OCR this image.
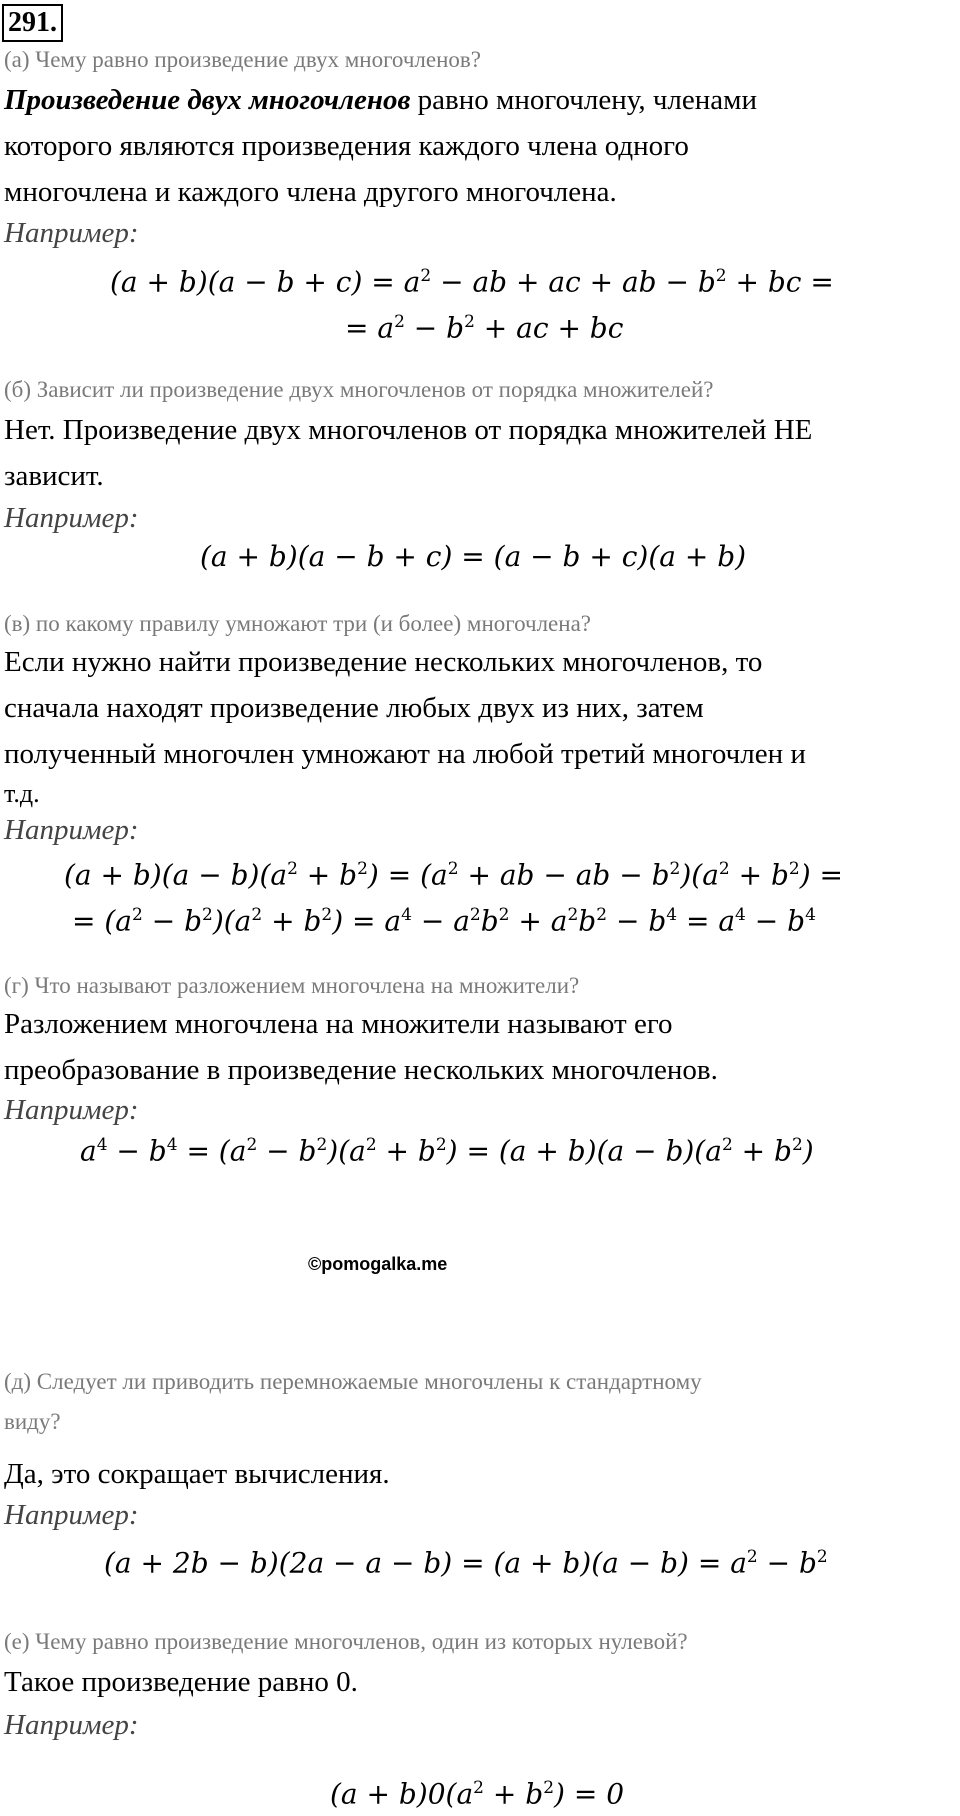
291.
(а) Чему равно произведение двух многочленов?
Произведение двух многочленов равно многочлену, членами
которого являются произведения каждого члена одного
многочлена и каждого члена другого многочлена.
Например:
$(a + b)(a - b + c) = a^2$ − ab + ac + ab − $b^2$ + bc =
= $a^2 - b^2$ + ac + bc
(б) Зависит ли произведение двух многочленов от порядка множителей?
Нет. Произведение двух многочленов от порядка множителей НЕ
зависит.
Например:
(a + b)(a − b + c) = (a − b + c)(a + b)
(в) по какому правилу умножают три (и более) многочлена?
Если нужно найти произведение нескольких многочленов, то
сначала находят произведение любых двух из них, затем
полученный многочлен умножают на любой третий многочлен и
т.д.
Например:
$(a + b)(a - b)(a^2 + b^2) = (a^2$ + ab − ab − $b^2)(a^2 + b^2)$ =
= $(a^2 - b^2)(a^2 + b^2) = a^4 - a^2b^2 + a^2b^2 - b^4 = a^4 - b^4$
(г) Что называют разложением многочлена на множители?
Разложением многочлена на множители называют его
преобразование в произведение нескольких многочленов.
Например:
©pomogalka.me
$a^4 - b^4 = (a^2 - b^2)(a^2 + b^2) = (a + b)(a - b)(a^2 + b^2)$
(д) Следует ли приводить перемножаемые многочлены к стандартному
виду?
Да, это сокращает вычисления.
Например:
$(a + 2b - b)(2a - a - b) = (a + b)(a - b) = a^2 - b^2$
(е) Чему равно произведение многочленов, один из которых нулевой?
Такое произведение равно 0.
Например:
$(a + b)0(a^2 + b^2) = 0$
